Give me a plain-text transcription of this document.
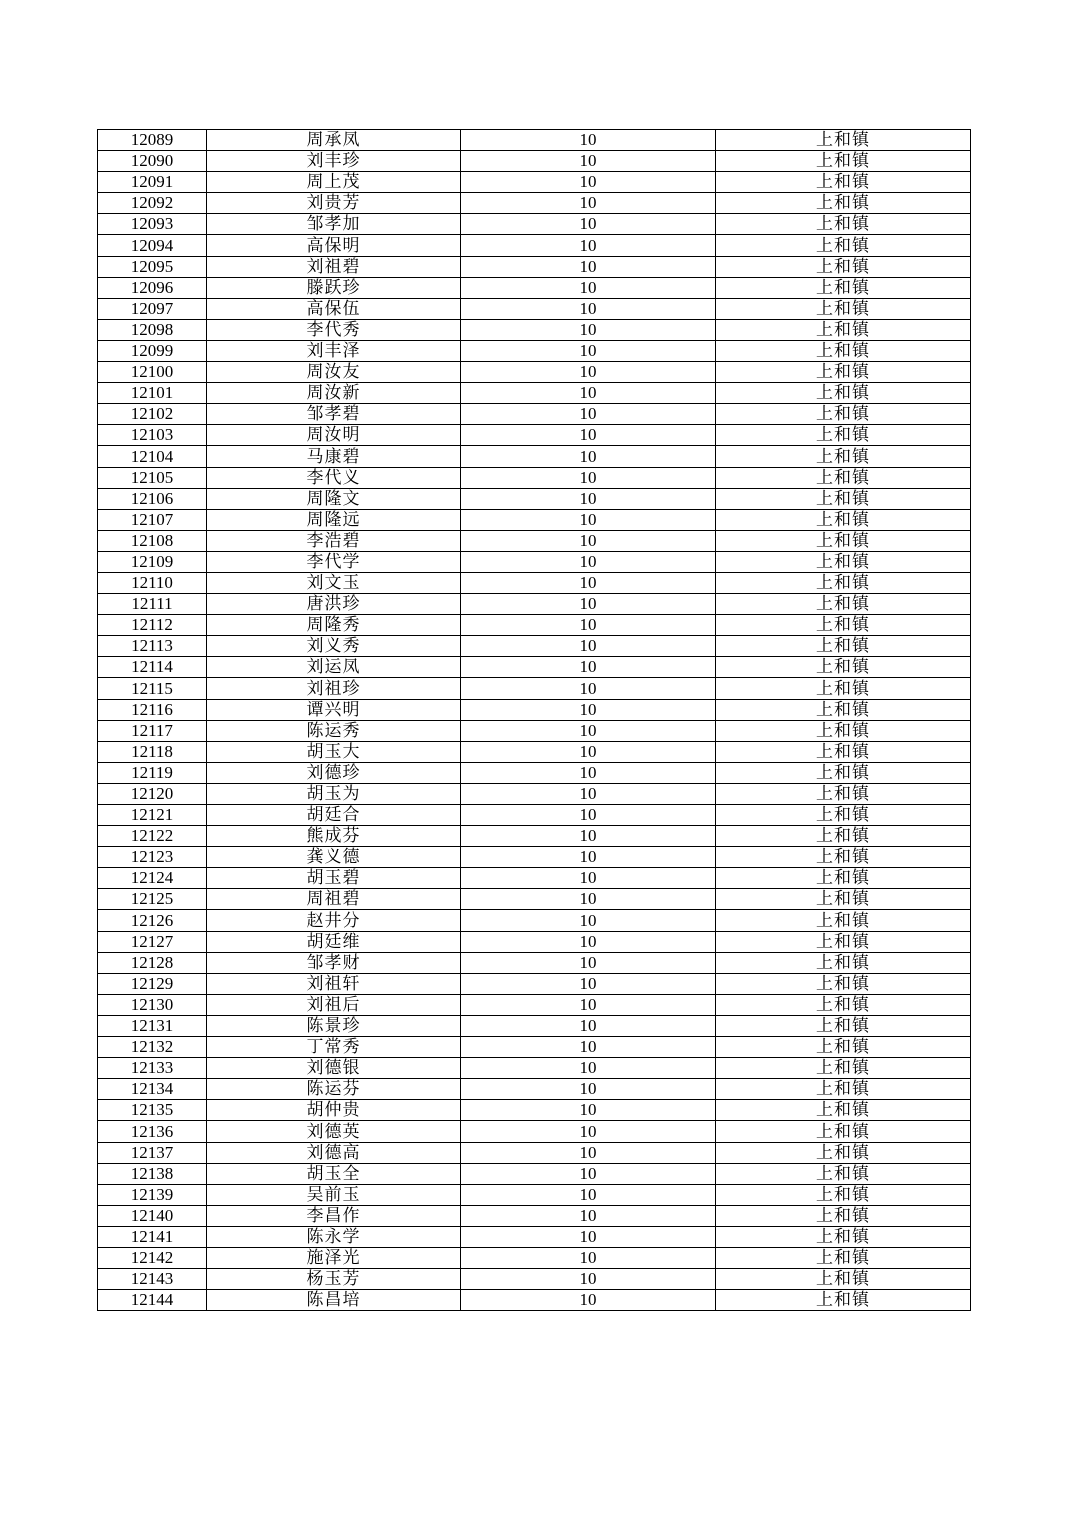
12089	周承凤	10	上和镇
12090	刘丰珍	10	上和镇
12091	周上茂	10	上和镇
12092	刘贵芳	10	上和镇
12093	邹孝加	10	上和镇
12094	高保明	10	上和镇
12095	刘祖碧	10	上和镇
12096	滕跃珍	10	上和镇
12097	高保伍	10	上和镇
12098	李代秀	10	上和镇
12099	刘丰泽	10	上和镇
12100	周汝友	10	上和镇
12101	周汝新	10	上和镇
12102	邹孝碧	10	上和镇
12103	周汝明	10	上和镇
12104	马康碧	10	上和镇
12105	李代义	10	上和镇
12106	周隆文	10	上和镇
12107	周隆远	10	上和镇
12108	李浩碧	10	上和镇
12109	李代学	10	上和镇
12110	刘文玉	10	上和镇
12111	唐洪珍	10	上和镇
12112	周隆秀	10	上和镇
12113	刘义秀	10	上和镇
12114	刘运凤	10	上和镇
12115	刘祖珍	10	上和镇
12116	谭兴明	10	上和镇
12117	陈运秀	10	上和镇
12118	胡玉大	10	上和镇
12119	刘德珍	10	上和镇
12120	胡玉为	10	上和镇
12121	胡廷合	10	上和镇
12122	熊成芬	10	上和镇
12123	龚义德	10	上和镇
12124	胡玉碧	10	上和镇
12125	周祖碧	10	上和镇
12126	赵井分	10	上和镇
12127	胡廷维	10	上和镇
12128	邹孝财	10	上和镇
12129	刘祖轩	10	上和镇
12130	刘祖后	10	上和镇
12131	陈景珍	10	上和镇
12132	丁常秀	10	上和镇
12133	刘德银	10	上和镇
12134	陈运芬	10	上和镇
12135	胡仲贵	10	上和镇
12136	刘德英	10	上和镇
12137	刘德高	10	上和镇
12138	胡玉全	10	上和镇
12139	吴前玉	10	上和镇
12140	李昌作	10	上和镇
12141	陈永学	10	上和镇
12142	施泽光	10	上和镇
12143	杨玉芳	10	上和镇
12144	陈昌培	10	上和镇
